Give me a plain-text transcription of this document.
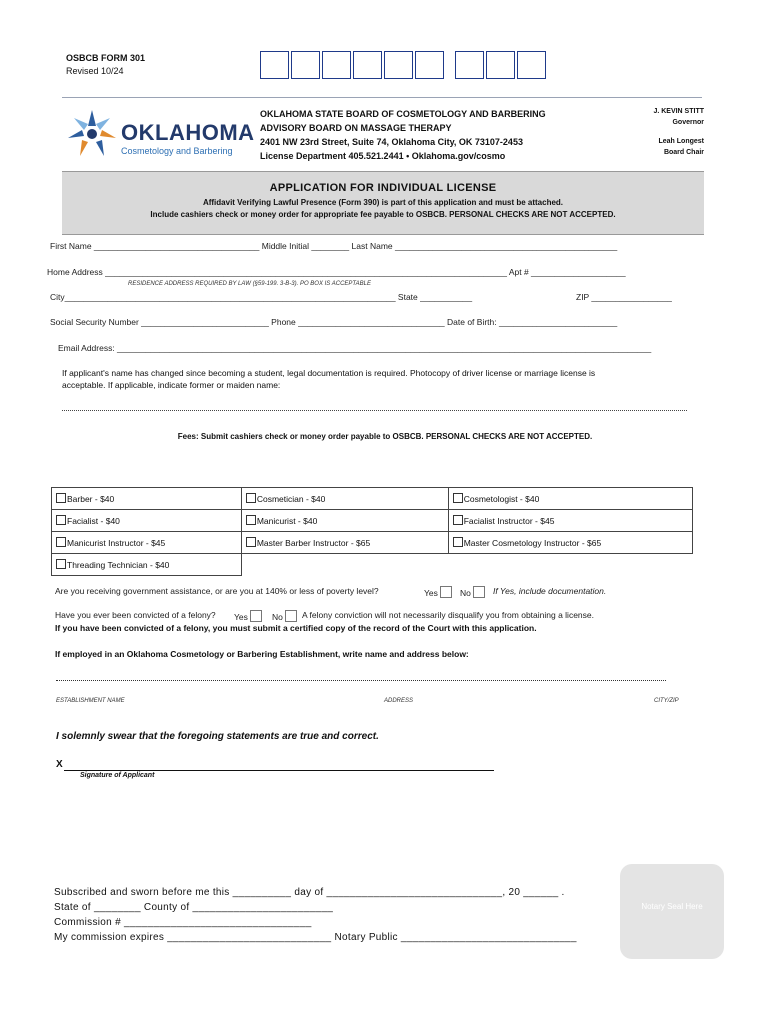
OSBCB FORM 301
Revised 10/24
OKLAHOMA
Cosmetology and Barbering
OKLAHOMA STATE BOARD OF COSMETOLOGY AND BARBERING
ADVISORY BOARD ON MASSAGE THERAPY
2401 NW 23rd Street, Suite 74, Oklahoma City, OK 73107-2453
License Department 405.521.2441 • Oklahoma.gov/cosmo
J. KEVIN STITT
Governor
Leah Longest
Board Chair
APPLICATION FOR INDIVIDUAL LICENSE
Affidavit Verifying Lawful Presence (Form 390) is part of this application and must be attached.
Include cashiers check or money order for appropriate fee payable to OSBCB. PERSONAL CHECKS ARE NOT ACCEPTED.
First Name ___________________________________ Middle Initial ________ Last Name _______________________________________________
Home Address _____________________________________________________________________________________ Apt # ____________________
RESIDENCE ADDRESS REQUIRED BY LAW (§59-199. 3-B-3). PO BOX IS ACCEPTABLE
City______________________________________________________________________ State ___________	ZIP _________________
Social Security Number ___________________________ Phone _______________________________ Date of Birth: _________________________
Email Address: _________________________________________________________________________________________________________________
If applicant's name has changed since becoming a student, legal documentation is required. Photocopy of driver license or marriage license is acceptable. If applicable, indicate former or maiden name:
Fees: Submit cashiers check or money order payable to OSBCB. PERSONAL CHECKS ARE NOT ACCEPTED.
Barber - $40	Cosmetician - $40	Cosmetologist - $40
Facialist - $40	Manicurist - $40	Facialist Instructor - $45
Manicurist Instructor - $45	Master Barber Instructor - $65	Master Cosmetology Instructor - $65
Threading Technician - $40		
Are you receiving government assistance, or are you at 140% or less of poverty level?	Yes	No	If Yes, include documentation.
Have you ever been convicted of a felony? Yes	No	A felony conviction will not necessarily disqualify you from obtaining a license.
If you have been convicted of a felony, you must submit a certified copy of the record of the Court with this application.
If employed in an Oklahoma Cosmetology or Barbering Establishment, write name and address below:
ESTABLISHMENT NAME	ADDRESS	CITY/ZIP
I solemnly swear that the foregoing statements are true and correct.
X
Signature of Applicant
Subscribed and sworn before me this __________ day of ______________________________, 20 ______ .
State of ________ County of ________________________
Commission # ________________________________
My commission expires ____________________________ Notary Public ______________________________
Notary Seal Here
